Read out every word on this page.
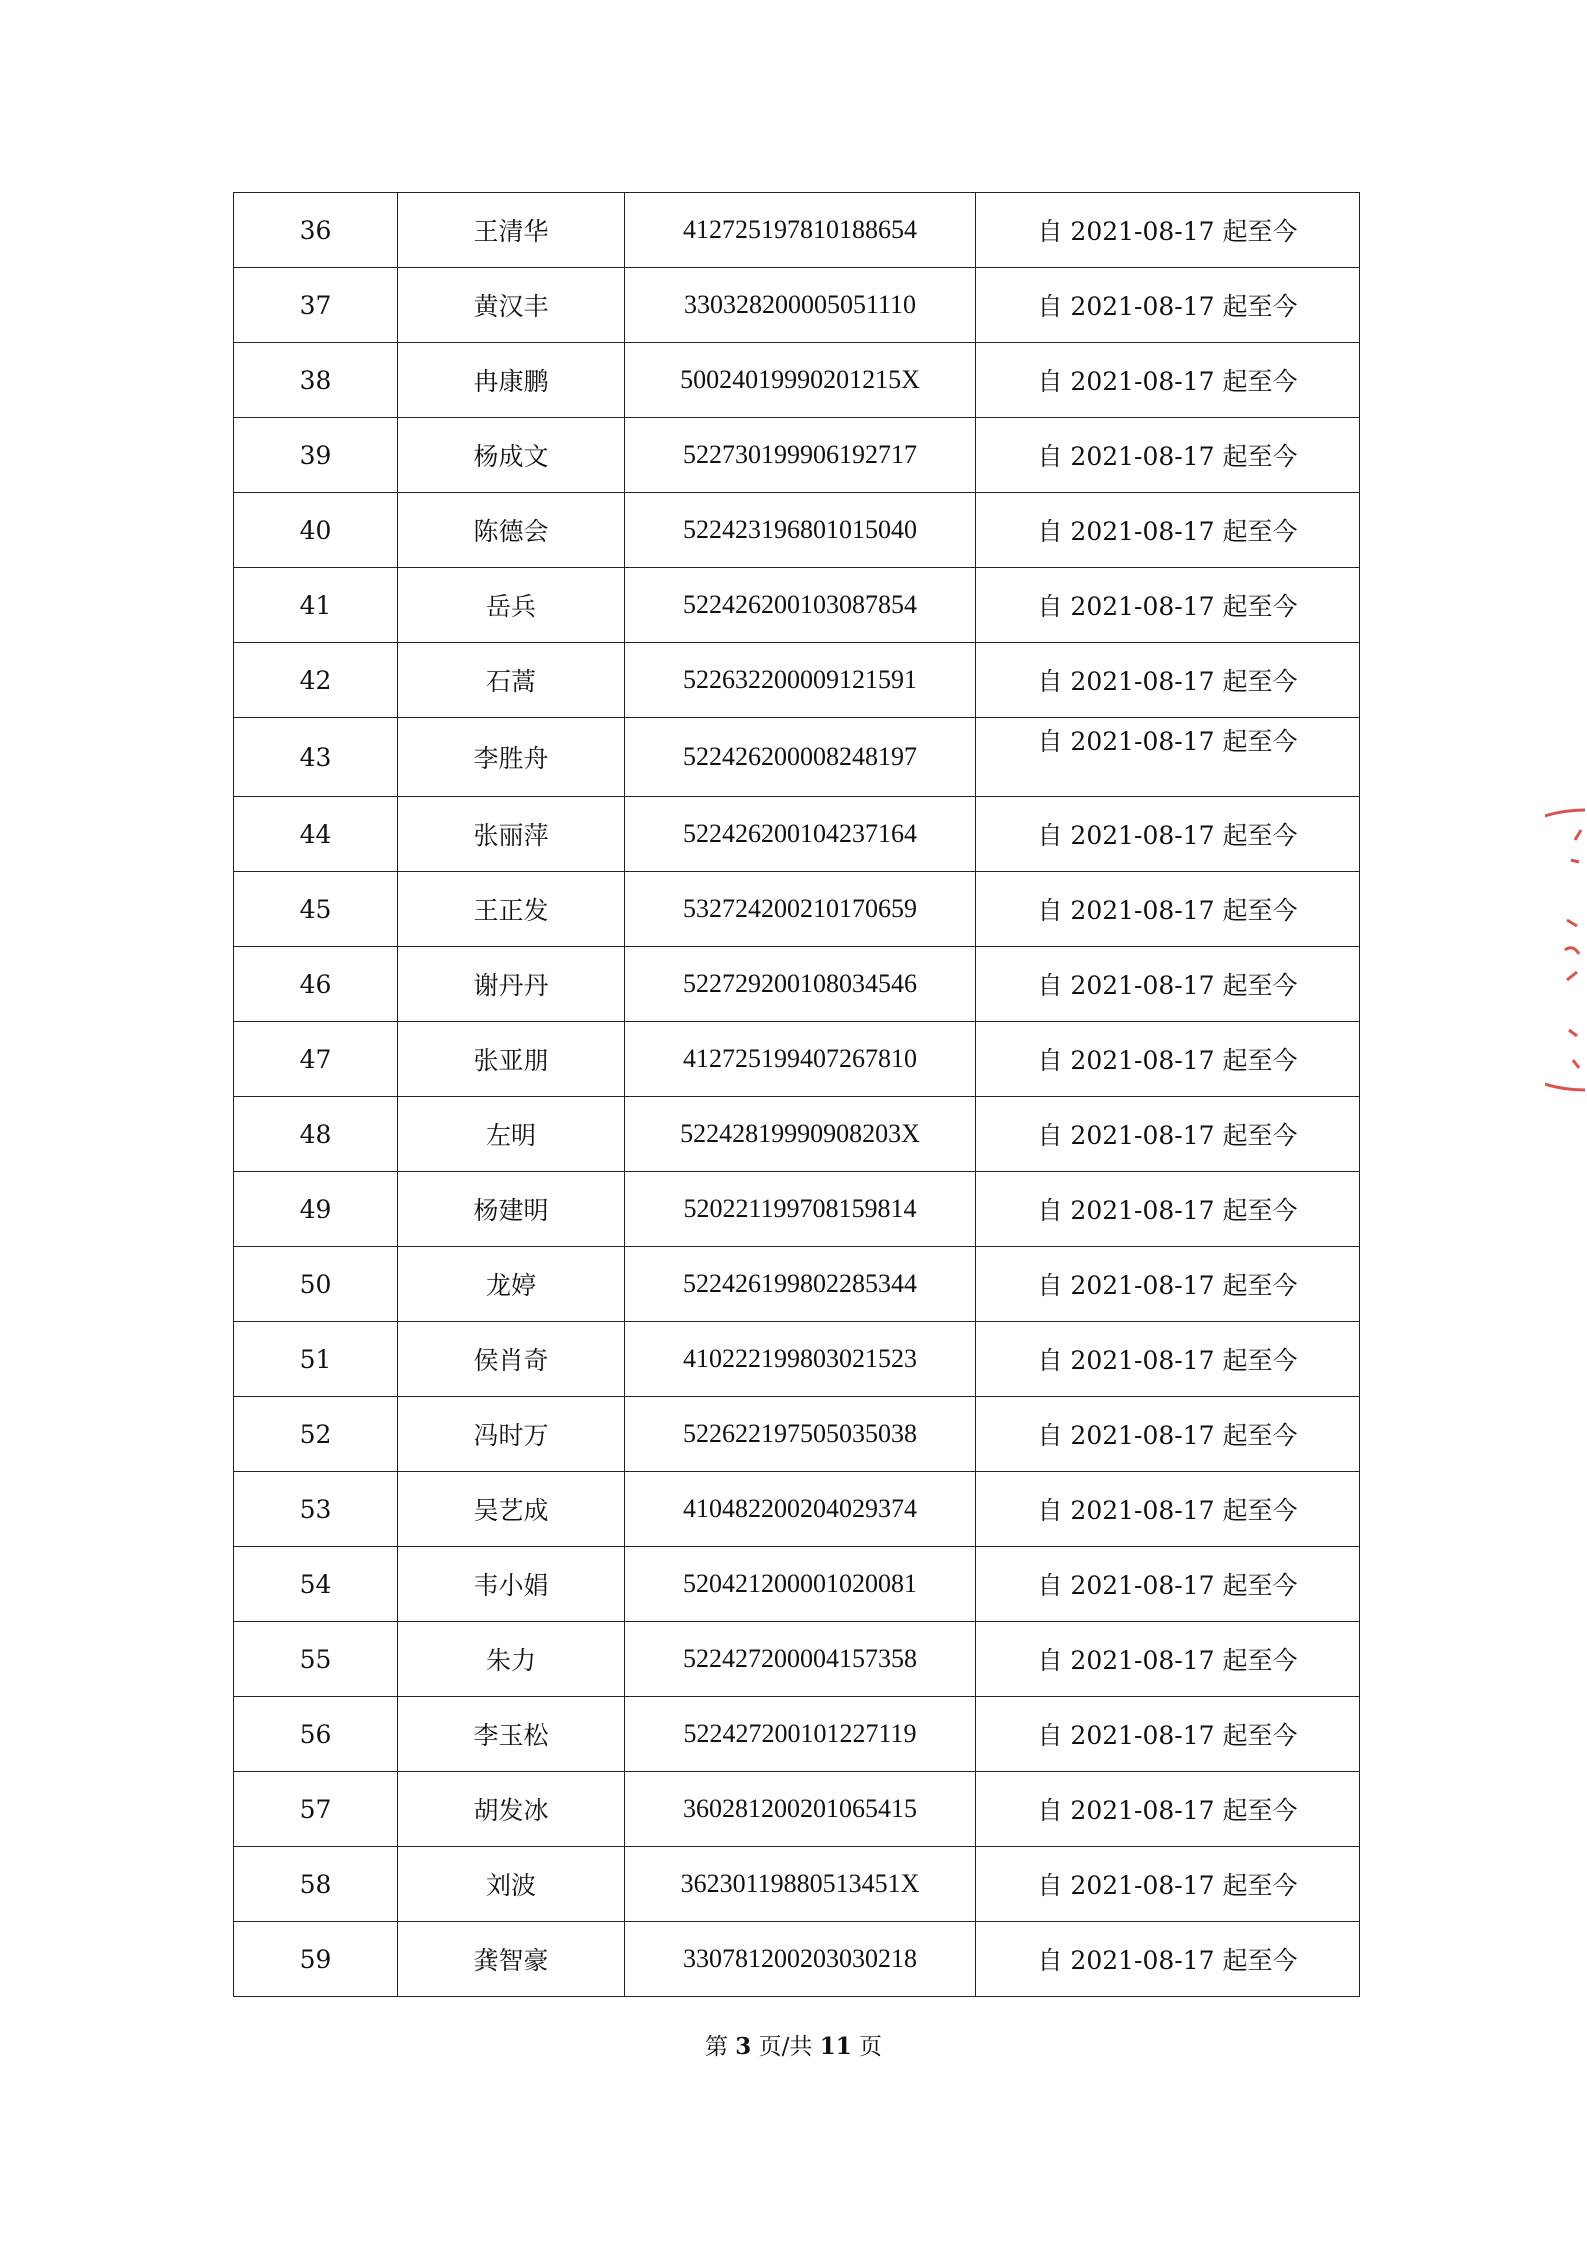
36	王清华	412725197810188654	自 2021-08-17 起至今
37	黄汉丰	330328200005051110	自 2021-08-17 起至今
38	冉康鹏	50024019990201215X	自 2021-08-17 起至今
39	杨成文	522730199906192717	自 2021-08-17 起至今
40	陈德会	522423196801015040	自 2021-08-17 起至今
41	岳兵	522426200103087854	自 2021-08-17 起至今
42	石蒿	522632200009121591	自 2021-08-17 起至今
43	李胜舟	522426200008248197	自 2021-08-17 起至今
44	张丽萍	522426200104237164	自 2021-08-17 起至今
45	王正发	532724200210170659	自 2021-08-17 起至今
46	谢丹丹	522729200108034546	自 2021-08-17 起至今
47	张亚朋	412725199407267810	自 2021-08-17 起至今
48	左明	52242819990908203X	自 2021-08-17 起至今
49	杨建明	520221199708159814	自 2021-08-17 起至今
50	龙婷	522426199802285344	自 2021-08-17 起至今
51	侯肖奇	410222199803021523	自 2021-08-17 起至今
52	冯时万	522622197505035038	自 2021-08-17 起至今
53	吴艺成	410482200204029374	自 2021-08-17 起至今
54	韦小娟	520421200001020081	自 2021-08-17 起至今
55	朱力	522427200004157358	自 2021-08-17 起至今
56	李玉松	522427200101227119	自 2021-08-17 起至今
57	胡发冰	360281200201065415	自 2021-08-17 起至今
58	刘波	36230119880513451X	自 2021-08-17 起至今
59	龚智豪	330781200203030218	自 2021-08-17 起至今
第 3 页/共 11 页
